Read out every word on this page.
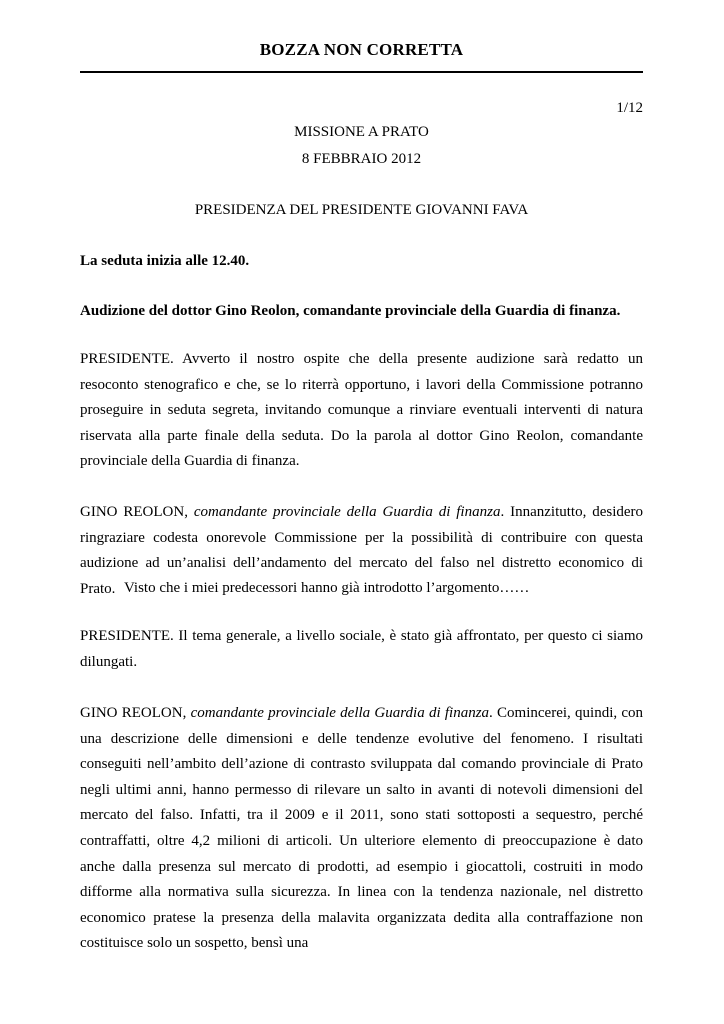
BOZZA NON CORRETTA
1/12
MISSIONE A PRATO
8 FEBBRAIO 2012
PRESIDENZA DEL PRESIDENTE GIOVANNI FAVA
La seduta inizia alle 12.40.
Audizione del dottor Gino Reolon, comandante provinciale della Guardia di finanza.
PRESIDENTE. Avverto il nostro ospite che della presente audizione sarà redatto un resoconto stenografico e che, se lo riterrà opportuno, i lavori della Commissione potranno proseguire in seduta segreta, invitando comunque a rinviare eventuali interventi di natura riservata alla parte finale della seduta. Do la parola al dottor Gino Reolon, comandante provinciale della Guardia di finanza.
GINO REOLON, comandante provinciale della Guardia di finanza. Innanzitutto, desidero ringraziare codesta onorevole Commissione per la possibilità di contribuire con questa audizione ad un’analisi dell’andamento del mercato del falso nel distretto economico di Prato. Visto che i miei predecessori hanno già introdotto l’argomento……
PRESIDENTE. Il tema generale, a livello sociale, è stato già affrontato, per questo ci siamo dilungati.
GINO REOLON, comandante provinciale della Guardia di finanza. Comincerei, quindi, con una descrizione delle dimensioni e delle tendenze evolutive del fenomeno. I risultati conseguiti nell’ambito dell’azione di contrasto sviluppata dal comando provinciale di Prato negli ultimi anni, hanno permesso di rilevare un salto in avanti di notevoli dimensioni del mercato del falso. Infatti, tra il 2009 e il 2011, sono stati sottoposti a sequestro, perché contraffatti, oltre 4,2 milioni di articoli. Un ulteriore elemento di preoccupazione è dato anche dalla presenza sul mercato di prodotti, ad esempio i giocattoli, costruiti in modo difforme alla normativa sulla sicurezza. In linea con la tendenza nazionale, nel distretto economico pratese la presenza della malavita organizzata dedita alla contraffazione non costituisce solo un sospetto, bensì una
